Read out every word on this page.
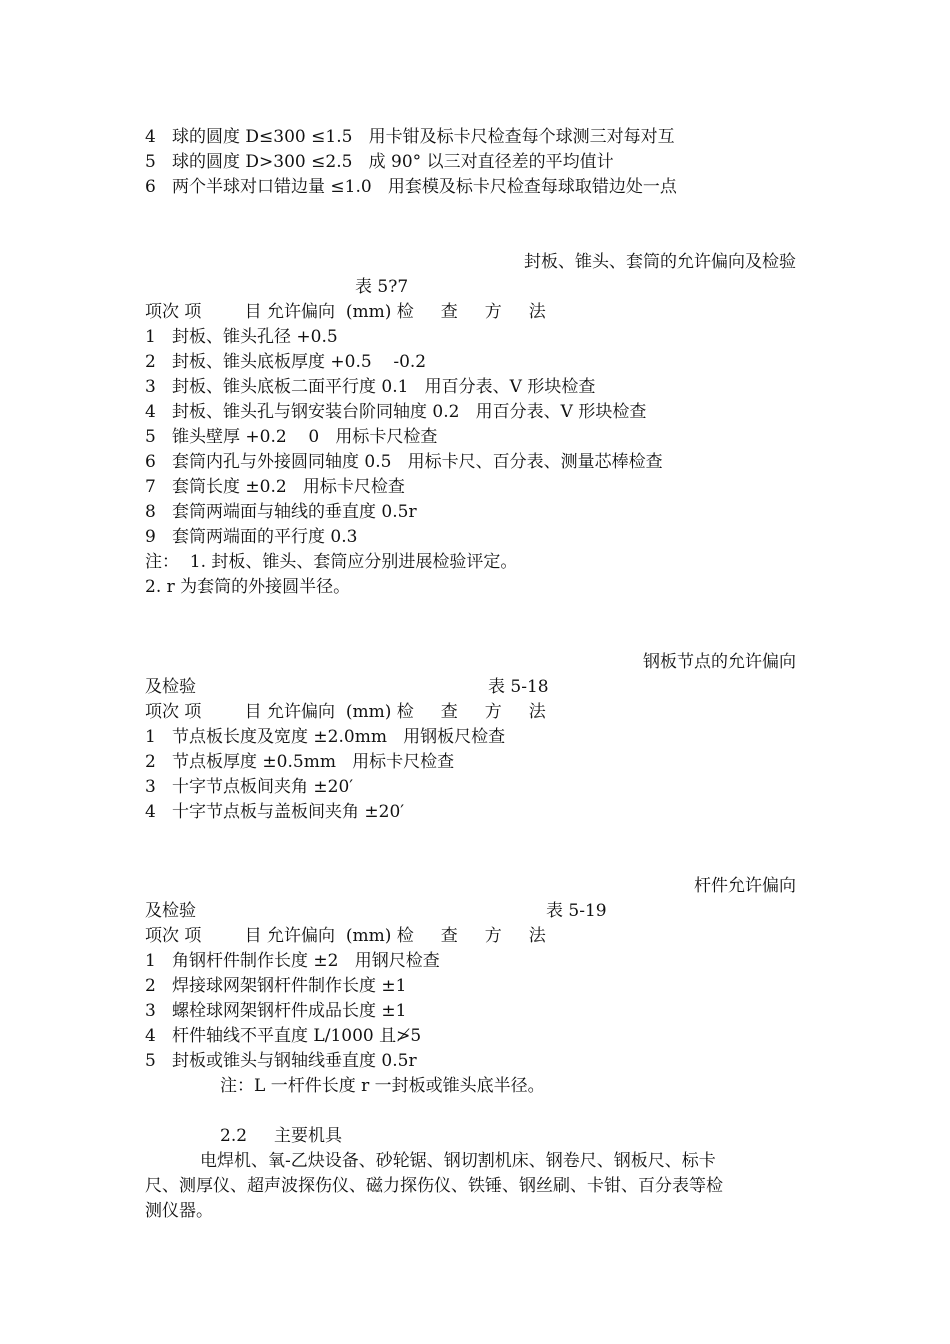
4   球的圆度 D≤300 ≤1.5   用卡钳及标卡尺检查每个球测三对每对互
5   球的圆度 D>300 ≤2.5   成 90° 以三对直径差的平均值计
6   两个半球对口错边量 ≤1.0   用套模及标卡尺检查每球取错边处一点
封板、锥头、套筒的允许偏向及检验
表 5?7
项次 项        目 允许偏向  (mm) 检     查     方     法
1   封板、锥头孔径 +0.5
2   封板、锥头底板厚度 +0.5    -0.2
3   封板、锥头底板二面平行度 0.1   用百分表、V 形块检查
4   封板、锥头孔与钢安装台阶同轴度 0.2   用百分表、V 形块检查
5   锥头壁厚 +0.2    0   用标卡尺检查
6   套筒内孔与外接圆同轴度 0.5   用标卡尺、百分表、测量芯棒检查
7   套筒长度 ±0.2   用标卡尺检查
8   套筒两端面与轴线的垂直度 0.5r
9   套筒两端面的平行度 0.3
注：  1. 封板、锥头、套筒应分别进展检验评定。
2. r 为套筒的外接圆半径。
钢板节点的允许偏向
及检验	表 5-18
项次 项        目 允许偏向  (mm) 检     查     方     法
1   节点板长度及宽度 ±2.0mm   用钢板尺检查
2   节点板厚度 ±0.5mm   用标卡尺检查
3   十字节点板间夹角 ±20′
4   十字节点板与盖板间夹角 ±20′
杆件允许偏向
及检验	表 5-19
项次 项        目 允许偏向  (mm) 检     查     方     法
1   角钢杆件制作长度 ±2   用钢尺检查
2   焊接球网架钢杆件制作长度 ±1
3   螺栓球网架钢杆件成品长度 ±1
4   杆件轴线不平直度 L/1000 且≯5
5   封板或锥头与钢轴线垂直度 0.5r
注：L 一杆件长度 r 一封板或锥头底半径。
2.2     主要机具
电焊机、氧-乙炔设备、砂轮锯、钢切割机床、钢卷尺、钢板尺、标卡
尺、测厚仪、超声波探伤仪、磁力探伤仪、铁锤、钢丝刷、卡钳、百分表等检
测仪器。
